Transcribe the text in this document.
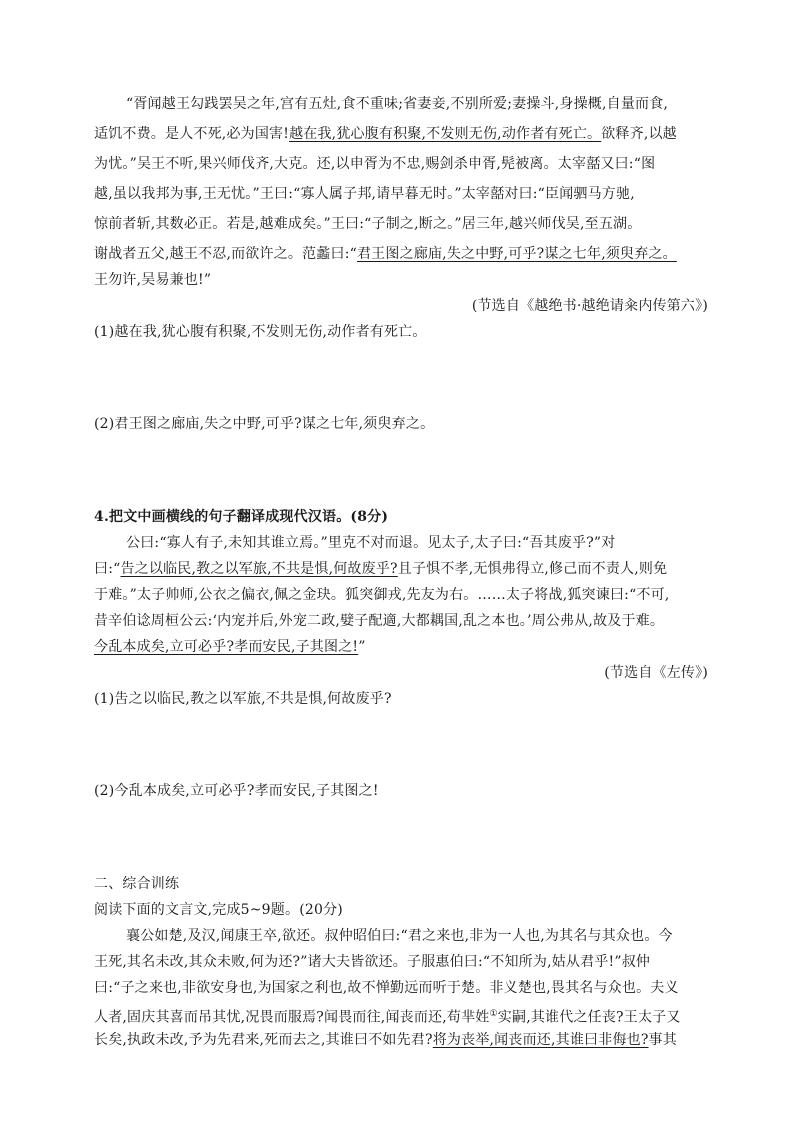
“胥闻越王勾践罢吴之年,宫有五灶,食不重味;省妻妾,不别所爱;妻操斗,身操概,自量而食,
适饥不费。是人不死,必为国害!越在我,犹心腹有积聚,不发则无伤,动作者有死亡。欲释齐,以越
为忧。”吴王不听,果兴师伐齐,大克。还,以申胥为不忠,赐剑杀申胥,髡被离。太宰嚭又曰:“图
越,虽以我邦为事,王无忧。”王曰:“寡人属子邦,请早暮无时。”太宰嚭对曰:“臣闻驷马方驰,
惊前者斩,其数必正。若是,越难成矣。”王曰:“子制之,断之。”居三年,越兴师伐吴,至五湖。
谢战者五父,越王不忍,而欲许之。范蠡曰:“君王图之廊庙,失之中野,可乎?谋之七年,须臾弃之。
王勿许,吴易兼也!”
(节选自《越绝书·越绝请籴内传第六》)
(1)越在我,犹心腹有积聚,不发则无伤,动作者有死亡。
(2)君王图之廊庙,失之中野,可乎?谋之七年,须臾弃之。
4.把文中画横线的句子翻译成现代汉语。(8分)
公曰:“寡人有子,未知其谁立焉。”里克不对而退。见太子,太子曰:“吾其废乎?”对
曰:“告之以临民,教之以军旅,不共是惧,何故废乎?且子惧不孝,无惧弗得立,修己而不责人,则免
于难。”太子帅师,公衣之偏衣,佩之金玦。狐突御戎,先友为右。……太子将战,狐突谏曰:“不可,
昔辛伯谂周桓公云:‘内宠并后,外宠二政,嬖子配適,大都耦国,乱之本也。’周公弗从,故及于难。
今乱本成矣,立可必乎?孝而安民,子其图之!”
(节选自《左传》)
(1)吿之以临民,教之以军旅,不共是惧,何故废乎?
(2)今乱本成矣,立可必乎?孝而安民,子其图之!
二、综合训练
阅读下面的文言文,完成5~9题。(20分)
襄公如楚,及汉,闻康王卒,欲还。叔仲昭伯曰:“君之来也,非为一人也,为其名与其众也。今
王死,其名未改,其众未败,何为还?”诸大夫皆欲还。子服惠伯曰:“不知所为,姑从君乎!”叔仲
曰:“子之来也,非欲安身也,为国家之利也,故不惮勤远而听于楚。非义楚也,畏其名与众也。夫义
人者,固庆其喜而吊其忧,况畏而服焉?闻畏而往,闻丧而还,苟芈姓①实嗣,其谁代之任丧?王太子又
长矣,执政未改,予为先君来,死而去之,其谁曰不如先君?将为丧举,闻丧而还,其谁曰非侮也?事其
